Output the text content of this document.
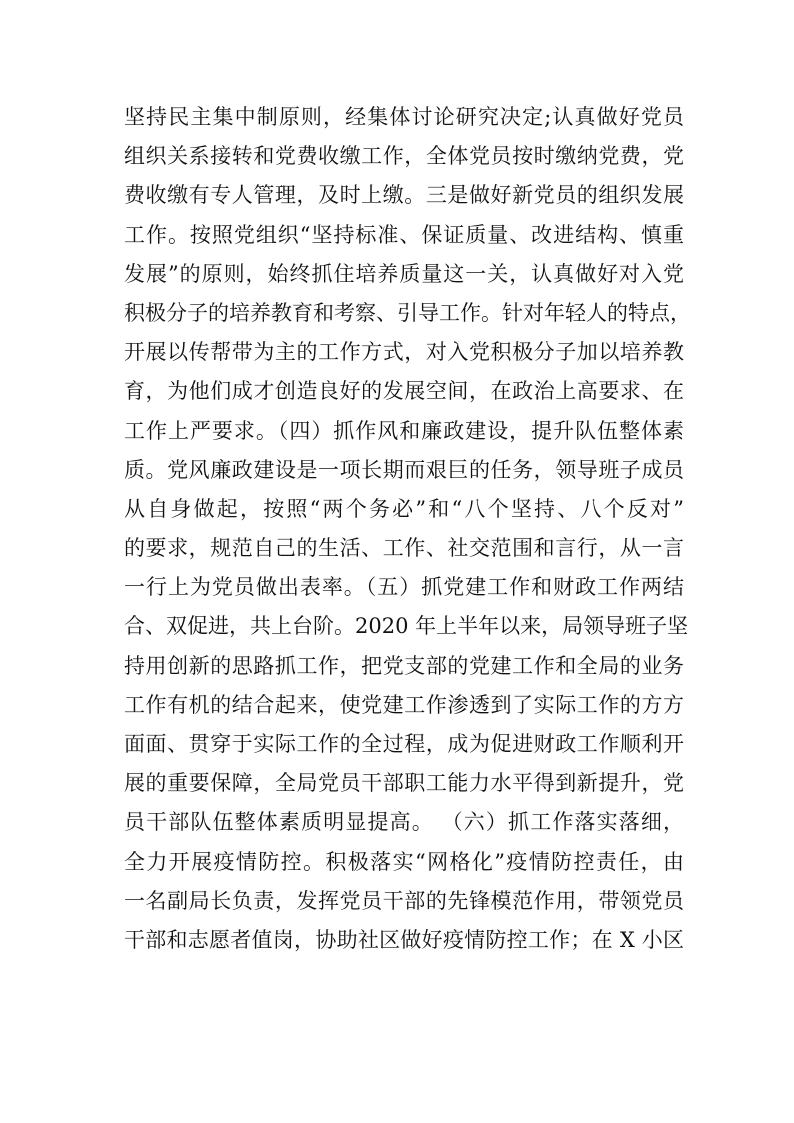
坚持民主集中制原则，经集体讨论研究决定;认真做好党员
组织关系接转和党费收缴工作，全体党员按时缴纳党费，党
费收缴有专人管理，及时上缴。三是做好新党员的组织发展
工作。按照党组织“坚持标准、保证质量、改进结构、慎重
发展”的原则，始终抓住培养质量这一关，认真做好对入党
积极分子的培养教育和考察、引导工作。针对年轻人的特点，
开展以传帮带为主的工作方式，对入党积极分子加以培养教
育，为他们成才创造良好的发展空间，在政治上高要求、在
工作上严要求。（四）抓作风和廉政建设，提升队伍整体素
质。党风廉政建设是一项长期而艰巨的任务，领导班子成员
从自身做起，按照“两个务必”和“八个坚持、八个反对”
的要求，规范自己的生活、工作、社交范围和言行，从一言
一行上为党员做出表率。（五）抓党建工作和财政工作两结
合、双促进，共上台阶。2020 年上半年以来，局领导班子坚
持用创新的思路抓工作，把党支部的党建工作和全局的业务
工作有机的结合起来，使党建工作渗透到了实际工作的方方
面面、贯穿于实际工作的全过程，成为促进财政工作顺利开
展的重要保障，全局党员干部职工能力水平得到新提升，党
员干部队伍整体素质明显提高。 （六）抓工作落实落细，
全力开展疫情防控。积极落实“网格化”疫情防控责任，由
一名副局长负责，发挥党员干部的先锋模范作用，带领党员
干部和志愿者值岗，协助社区做好疫情防控工作；在 X 小区
